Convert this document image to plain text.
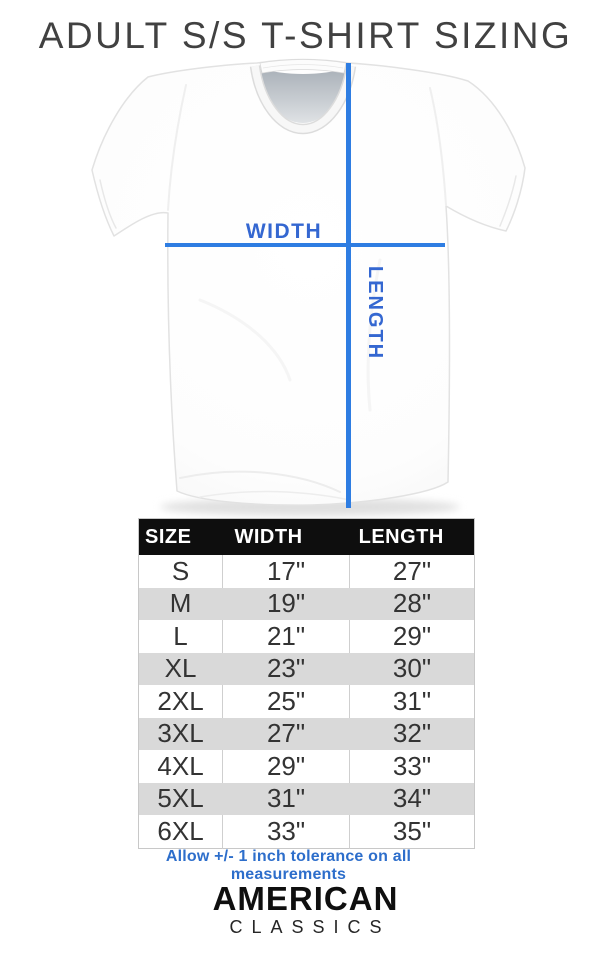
ADULT S/S T-SHIRT SIZING
WIDTH
LENGTH
SIZE	WIDTH	LENGTH
S	17"	27"
M	19"	28"
L	21"	29"
XL	23"	30"
2XL	25"	31"
3XL	27"	32"
4XL	29"	33"
5XL	31"	34"
6XL	33"	35"
Allow +/- 1 inch tolerance on all measurements
AMERICAN
CLASSICS
